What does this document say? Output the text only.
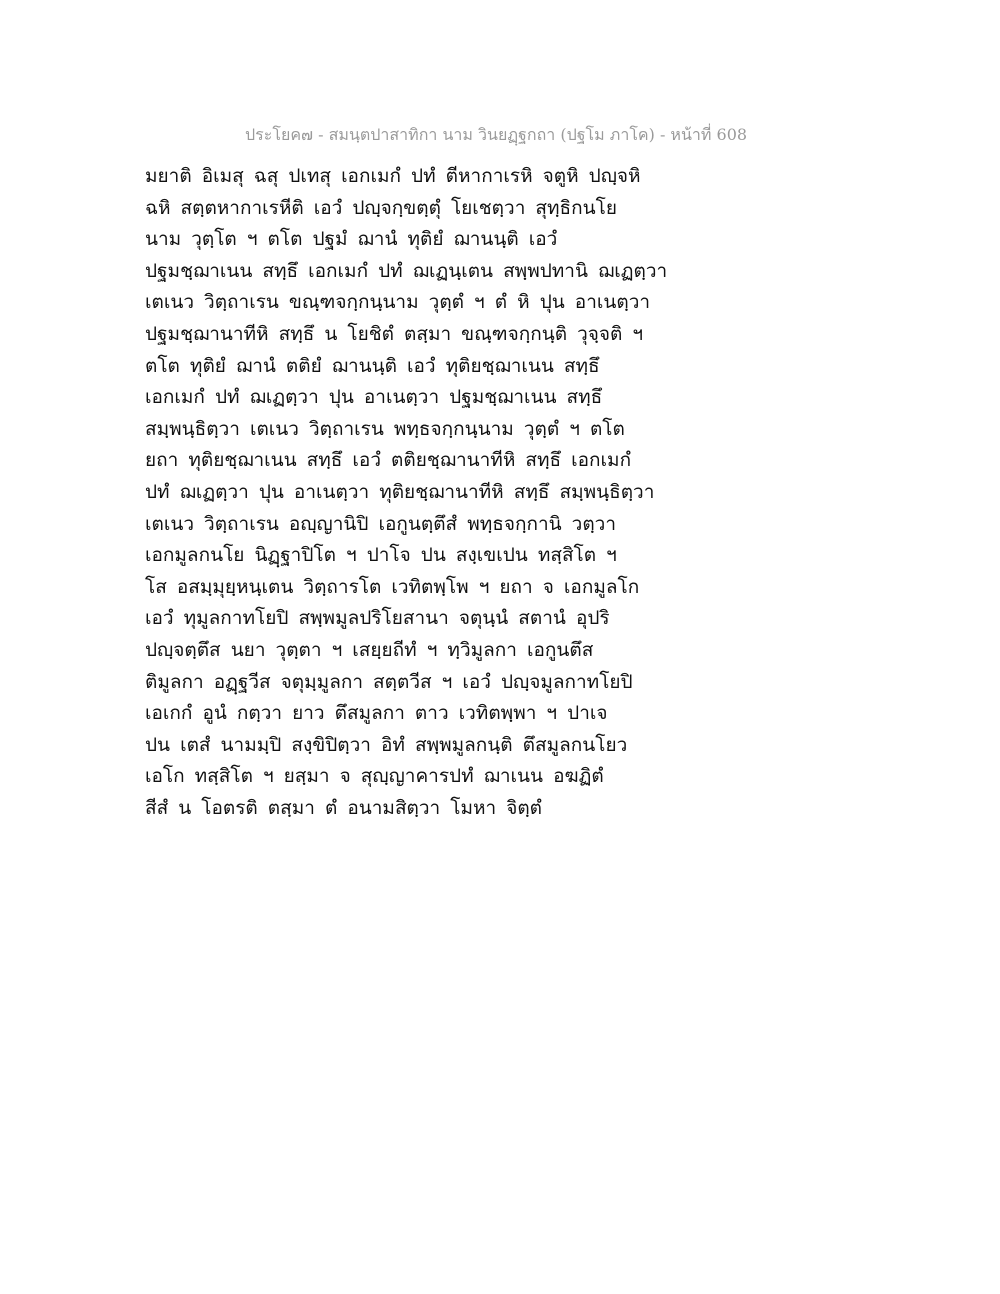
ประโยค๗ - สมนฺตปาสาทิกา นาม วินยฏฺฐกถา (ปฐโม ภาโค) - หน้าที่ 608
มยาติ อิเมสุ ฉสุ ปเทสุ เอกเมกํ ปทํ ตีหากาเรหิ จตูหิ ปญฺจหิ
ฉหิ สตฺตหากาเรหีติ เอวํ ปญฺจกฺขตฺตุํ โยเชตฺวา สุทฺธิกนโย
นาม วุตฺโต ฯ ตโต ปฐมํ ฌานํ ทุติยํ ฌานนฺติ เอวํ
ปฐมชฺฌาเนน สทฺธึ เอกเมกํ ปทํ ฌเฏนฺเตน สพฺพปทานิ ฌเฏตฺวา
เตเนว วิตฺถาเรน ขณฺฑจกฺกนฺนาม วุตฺตํ ฯ ตํ หิ ปุน อาเนตฺวา
ปฐมชฺฌานาทีหิ สทฺธึ น โยชิตํ ตสฺมา ขณฺฑจกฺกนฺติ วุจฺจติ ฯ
ตโต ทุติยํ ฌานํ ตติยํ ฌานนฺติ เอวํ ทุติยชฺฌาเนน สทฺธึ
เอกเมกํ ปทํ ฌเฏตฺวา ปุน อาเนตฺวา ปฐมชฺฌาเนน สทฺธึ
สมฺพนฺธิตฺวา เตเนว วิตฺถาเรน พทฺธจกฺกนฺนาม วุตฺตํ ฯ ตโต
ยถา ทุติยชฺฌาเนน สทฺธึ เอวํ ตติยชฺฌานาทีหิ สทฺธึ เอกเมกํ
ปทํ ฌเฏตฺวา ปุน อาเนตฺวา ทุติยชฺฌานาทีหิ สทฺธึ สมฺพนฺธิตฺวา
เตเนว วิตฺถาเรน อญฺญานิปิ เอกูนตฺตึสํ พทฺธจกฺกานิ วตฺวา
เอกมูลกนโย นิฏฺฐาปิโต ฯ ปาโจ ปน สงฺเขเปน ทสฺสิโต ฯ
โส อสมฺมุยฺหนฺเตน วิตฺถารโต เวทิตพฺโพ ฯ ยถา จ เอกมูลโก
เอวํ ทุมูลกาทโยปิ สพฺพมูลปริโยสานา จตุนฺนํ สตานํ อุปริ
ปญฺจตฺตึส นยา วุตฺตา ฯ เสยฺยถีทํ ฯ ทฺวิมูลกา เอกูนตึส
ติมูลกา อฏฺฐวีส จตุมฺมูลกา สตฺตวีส ฯ เอวํ ปญฺจมูลกาทโยปิ
เอเกกํ อูนํ กตฺวา ยาว ตึสมูลกา ตาว เวทิตพฺพา ฯ ปาเจ
ปน เตสํ นามมฺปิ สงฺขิปิตฺวา อิทํ สพฺพมูลกนฺติ ตึสมูลกนโยว
เอโก ทสฺสิโต ฯ ยสฺมา จ สุญฺญาคารปทํ ฌาเนน อฆฏิตํ
สีสํ น โอตรติ ตสฺมา ตํ อนามสิตฺวา โมหา จิตฺตํ
